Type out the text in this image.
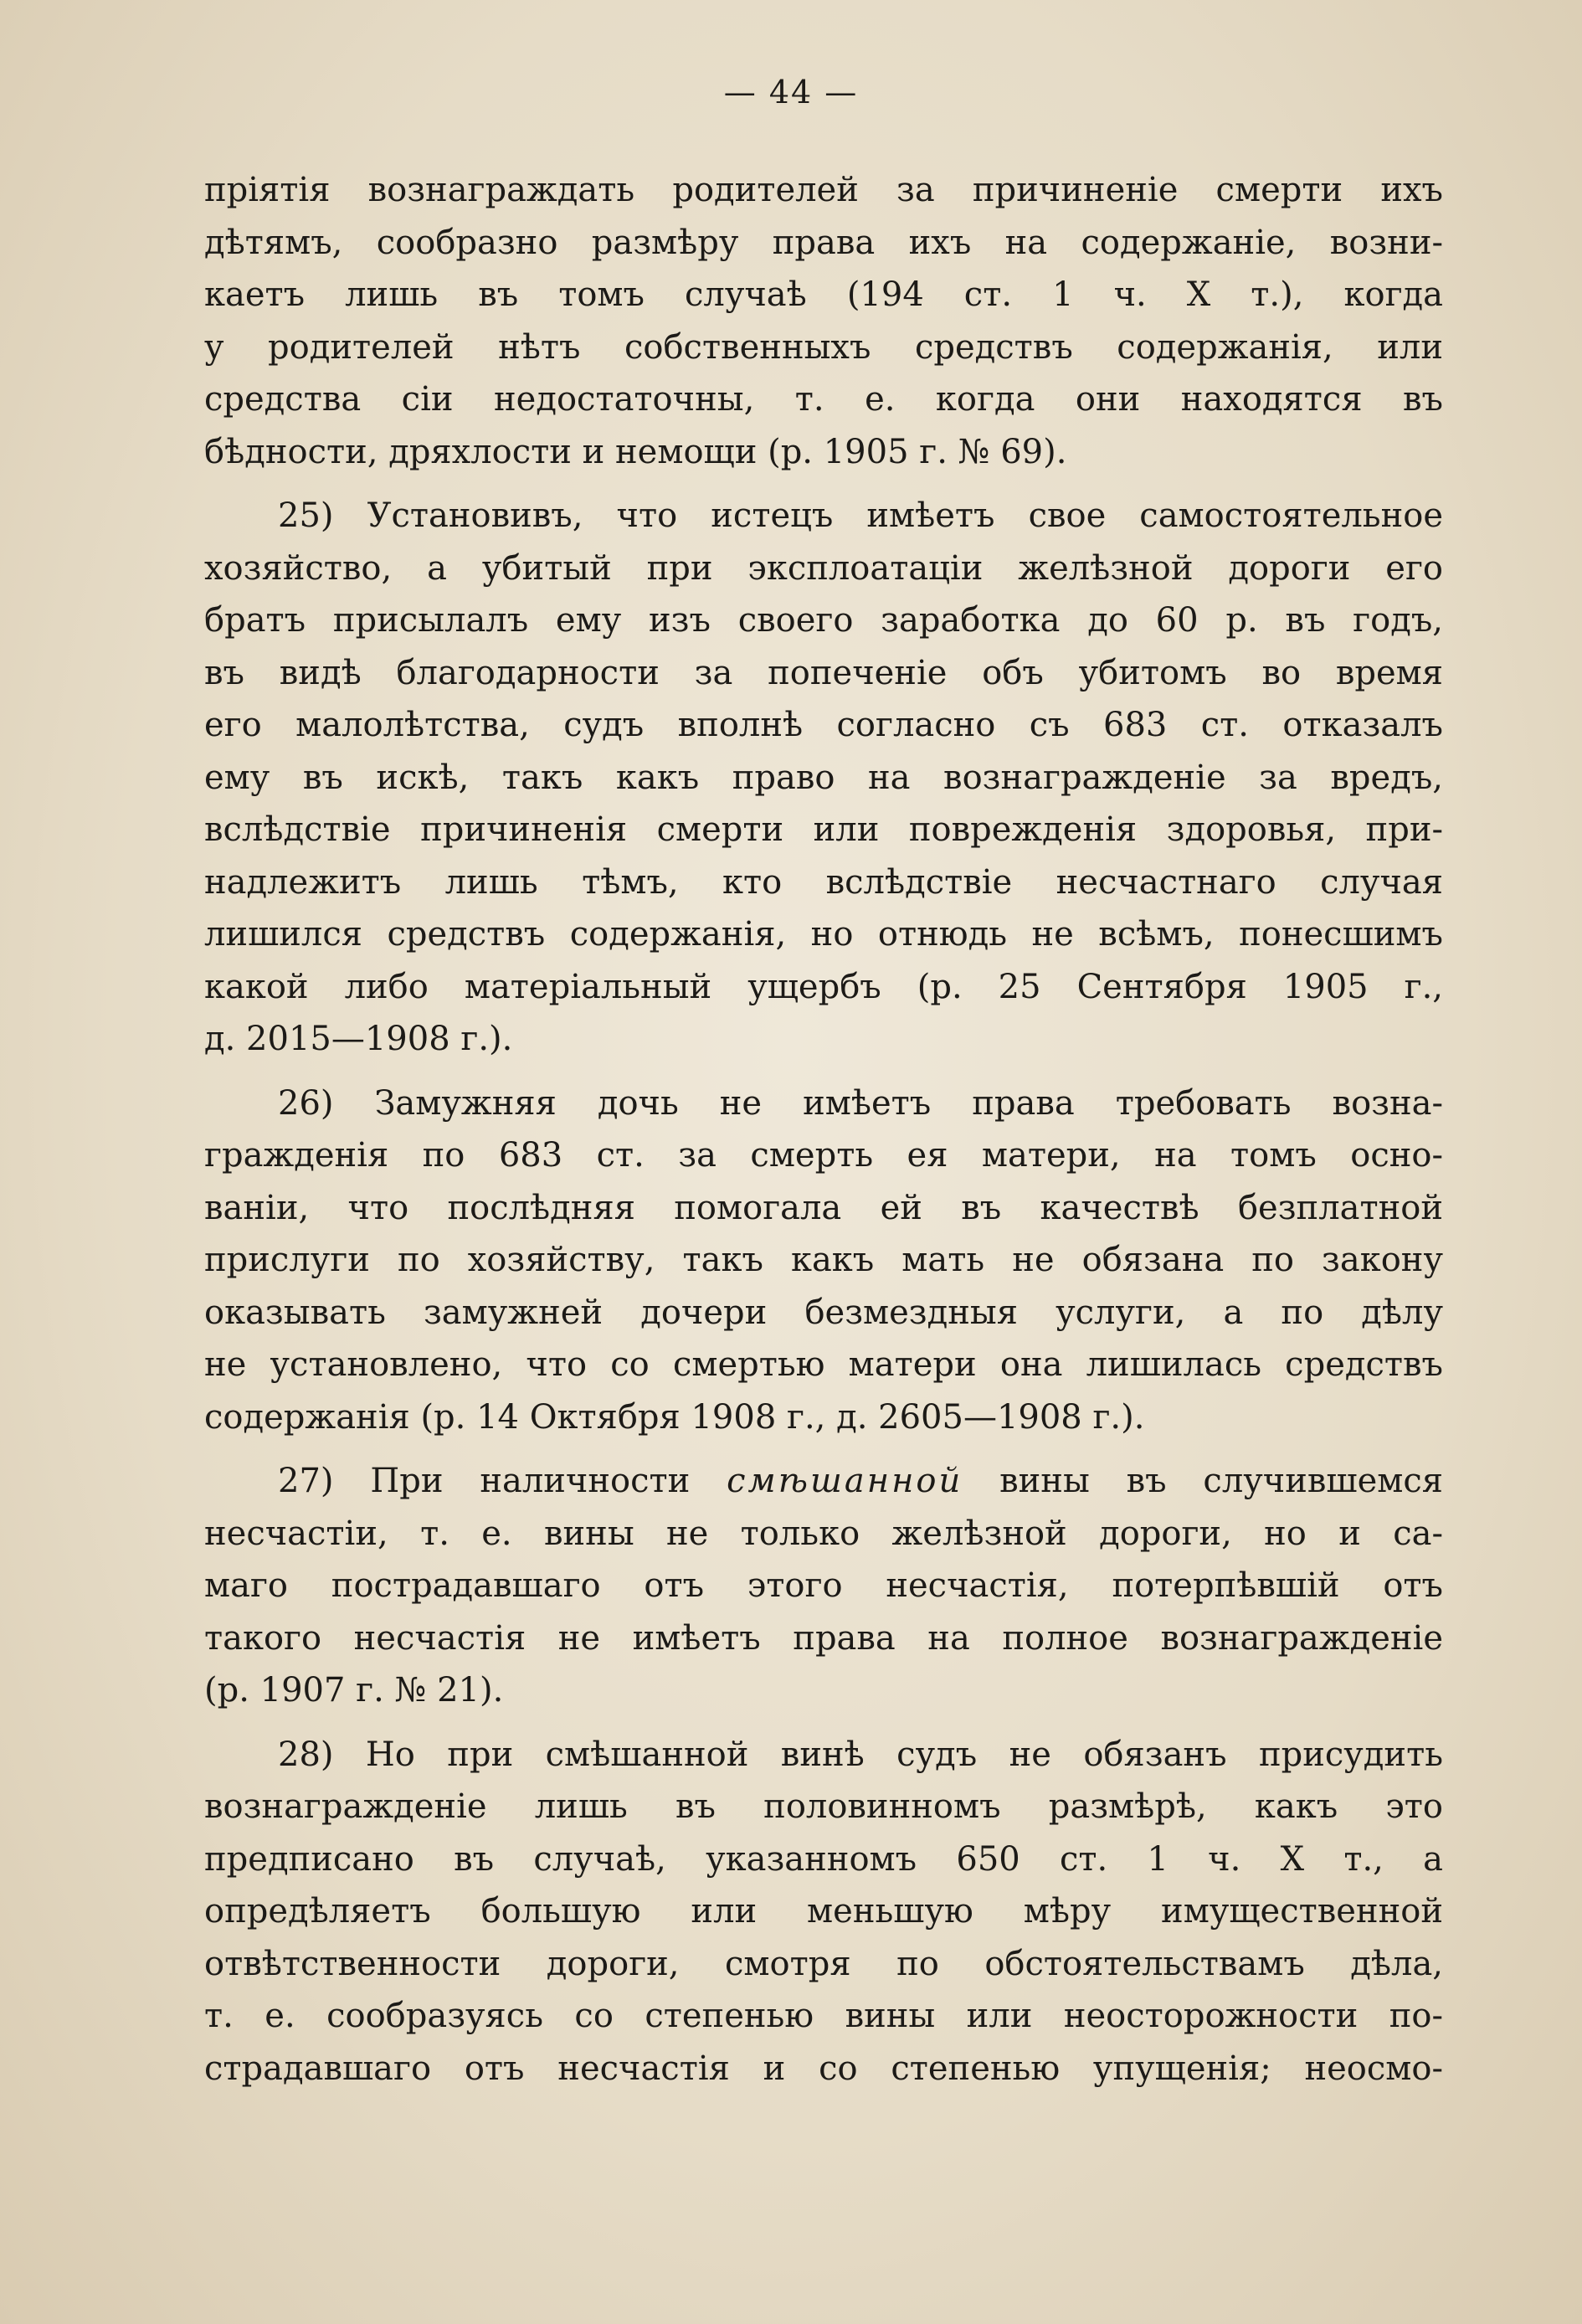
— 44 —
пріятія вознаграждать родителей за причиненіе смерти ихъ
дѣтямъ, сообразно размѣру права ихъ на содержаніе, возни-
каетъ лишь въ томъ случаѣ (194 ст. 1 ч. X т.), когда
у родителей нѣтъ собственныхъ средствъ содержанія, или
средства сіи недостаточны, т. е. когда они находятся въ
бѣдности, дряхлости и немощи (р. 1905 г. № 69).
25) Установивъ, что истецъ имѣетъ свое самостоятельное
хозяйство, а убитый при эксплоатаціи желѣзной дороги его
братъ присылалъ ему изъ своего заработка до 60 р. въ годъ,
въ видѣ благодарности за попеченіе объ убитомъ во время
его малолѣтства, судъ вполнѣ согласно съ 683 ст. отказалъ
ему въ искѣ, такъ какъ право на вознагражденіе за вредъ,
вслѣдствіе причиненія смерти или поврежденія здоровья, при-
надлежитъ лишь тѣмъ, кто вслѣдствіе несчастнаго случая
лишился средствъ содержанія, но отнюдь не всѣмъ, понесшимъ
какой либо матеріальный ущербъ (р. 25 Сентября 1905 г.,
д. 2015—1908 г.).
26) Замужняя дочь не имѣетъ права требовать возна-
гражденія по 683 ст. за смерть ея матери, на томъ осно-
ваніи, что послѣдняя помогала ей въ качествѣ безплатной
прислуги по хозяйству, такъ какъ мать не обязана по закону
оказывать замужней дочери безмездныя услуги, а по дѣлу
не установлено, что со смертью матери она лишилась средствъ
содержанія (р. 14 Октября 1908 г., д. 2605—1908 г.).
27) При наличности смѣшанной вины въ случившемся
несчастіи, т. е. вины не только желѣзной дороги, но и са-
маго пострадавшаго отъ этого несчастія, потерпѣвшій отъ
такого несчастія не имѣетъ права на полное вознагражденіе
(р. 1907 г. № 21).
28) Но при смѣшанной винѣ судъ не обязанъ присудить
вознагражденіе лишь въ половинномъ размѣрѣ, какъ это
предписано въ случаѣ, указанномъ 650 ст. 1 ч. X т., а
опредѣляетъ большую или меньшую мѣру имущественной
отвѣтственности дороги, смотря по обстоятельствамъ дѣла,
т. е. сообразуясь со степенью вины или неосторожности по-
страдавшаго отъ несчастія и со степенью упущенія; неосмо-
